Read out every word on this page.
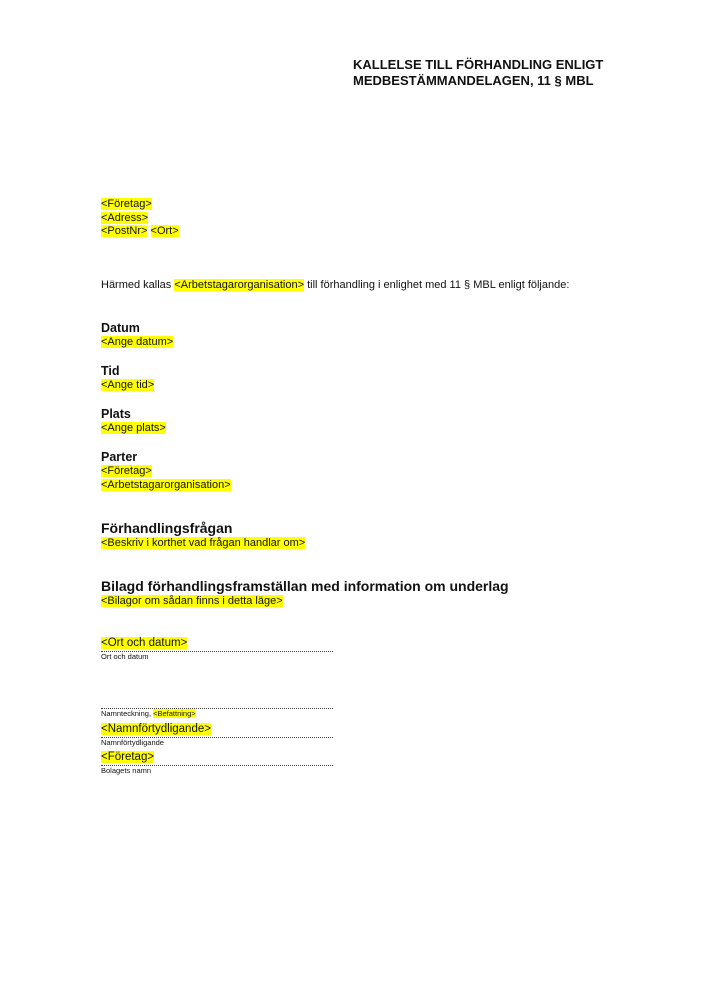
KALLELSE TILL FÖRHANDLING ENLIGT
MEDBESTÄMMANDELAGEN, 11 § MBL
<Företag>
<Adress>
<PostNr> <Ort>
Härmed kallas <Arbetstagarorganisation> till förhandling i enlighet med 11 § MBL enligt följande:
Datum
<Ange datum>
Tid
<Ange tid>
Plats
<Ange plats>
Parter
<Företag>
<Arbetstagarorganisation>
Förhandlingsfrågan
<Beskriv i korthet vad frågan handlar om>
Bilagd förhandlingsframställan med information om underlag
<Bilagor om sådan finns i detta läge>
<Ort och datum>
Ort och datum
Namnteckning, <Befattning>
<Namnförtydligande>
Namnförtydligande
<Företag>
Bolagets namn
